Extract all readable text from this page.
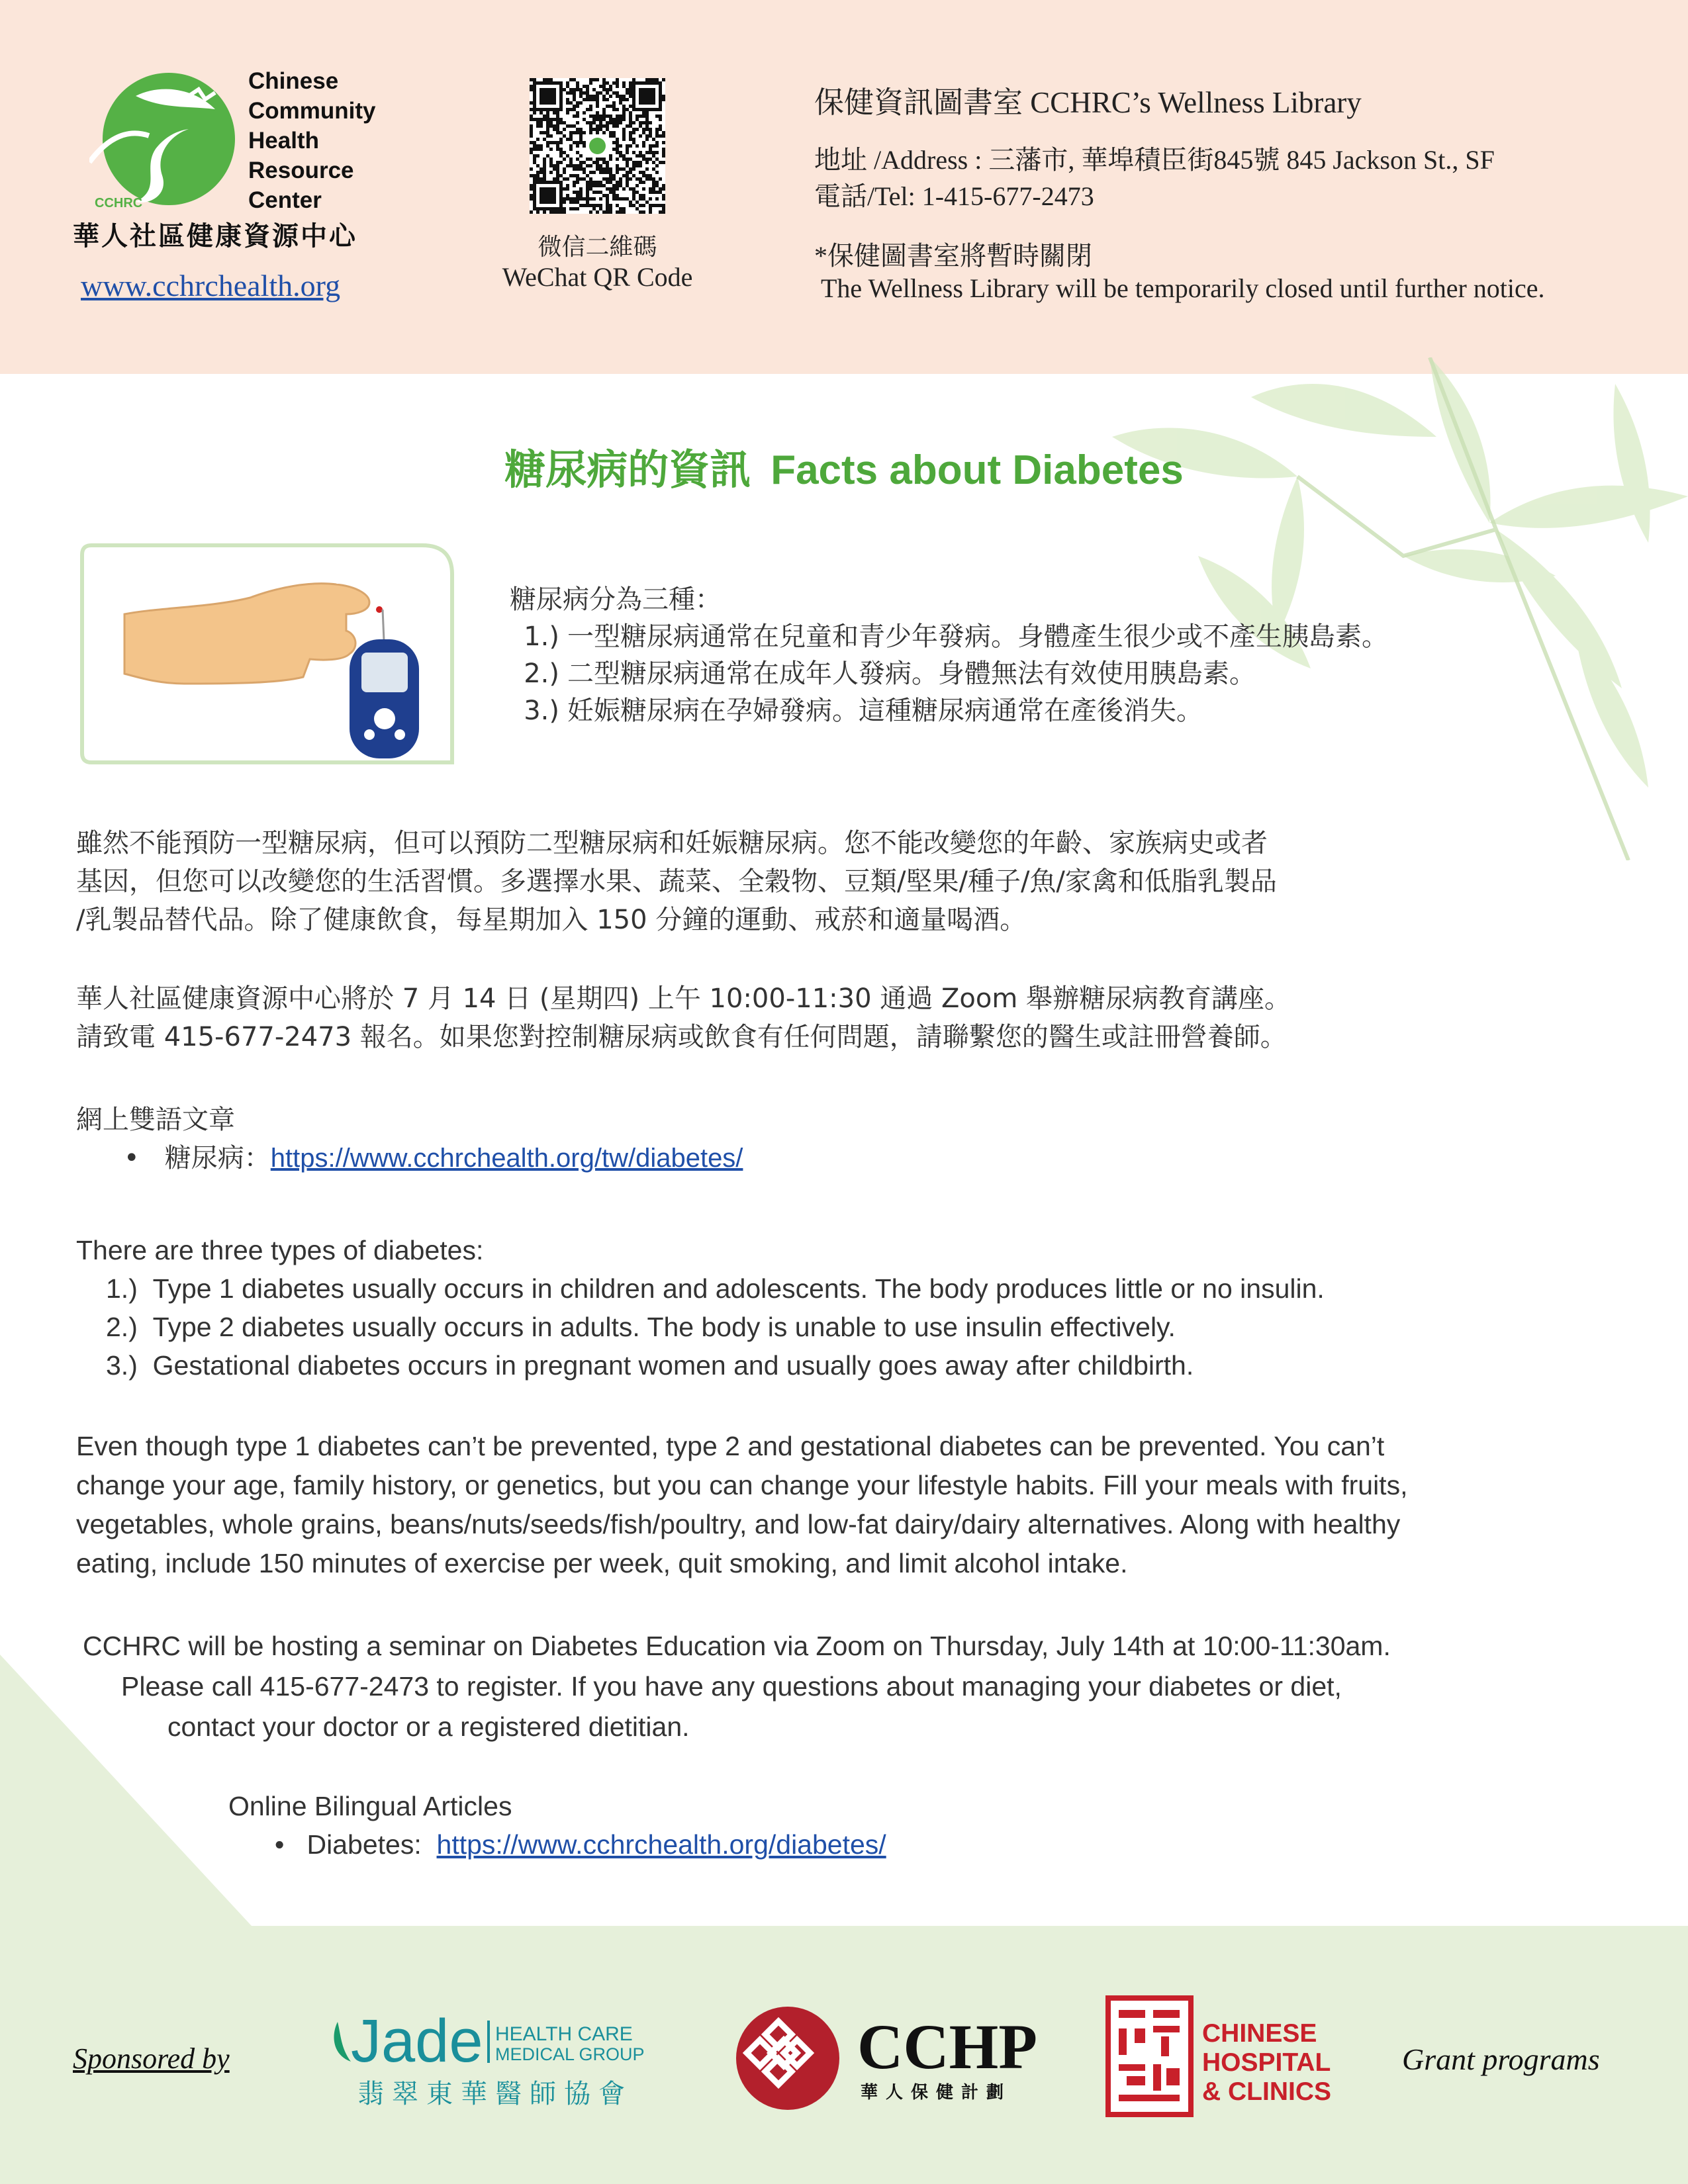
CCHRC
Chinese
Community
Health
Resource
Center
華人社區健康資源中心
www.cchrchealth.org
微信二維碼
WeChat QR Code
保健資訊圖書室 CCHRC’s Wellness Library
地址 /Address : 三藩市, 華埠積臣街845號 845 Jackson St., SF
電話/Tel: 1-415-677-2473
*保健圖書室將暫時關閉
The Wellness Library will be temporarily closed until further notice.
糖尿病的資訊 Facts about Diabetes
糖尿病分為三種：
1.) 一型糖尿病通常在兒童和青少年發病。身體產生很少或不產生胰島素。
2.) 二型糖尿病通常在成年人發病。身體無法有效使用胰島素。
3.) 妊娠糖尿病在孕婦發病。這種糖尿病通常在產後消失。
雖然不能預防一型糖尿病，但可以預防二型糖尿病和妊娠糖尿病。您不能改變您的年齡、家族病史或者
基因，但您可以改變您的生活習慣。多選擇水果、蔬菜、全穀物、豆類/堅果/種子/魚/家禽和低脂乳製品
/乳製品替代品。除了健康飲食，每星期加入 150 分鐘的運動、戒菸和適量喝酒。
華人社區健康資源中心將於 7 月 14 日 (星期四) 上午 10:00-11:30 通過 Zoom 舉辦糖尿病教育講座。
請致電 415-677-2473 報名。如果您對控制糖尿病或飲食有任何問題，請聯繫您的醫生或註冊營養師。
網上雙語文章
•   糖尿病：https://www.cchrchealth.org/tw/diabetes/
There are three types of diabetes:
1.) Type 1 diabetes usually occurs in children and adolescents. The body produces little or no insulin.
2.) Type 2 diabetes usually occurs in adults. The body is unable to use insulin effectively.
3.) Gestational diabetes occurs in pregnant women and usually goes away after childbirth.
Even though type 1 diabetes can’t be prevented, type 2 and gestational diabetes can be prevented. You can’t
change your age, family history, or genetics, but you can change your lifestyle habits. Fill your meals with fruits,
vegetables, whole grains, beans/nuts/seeds/fish/poultry, and low-fat dairy/dairy alternatives. Along with healthy
eating, include 150 minutes of exercise per week, quit smoking, and limit alcohol intake.
CCHRC will be hosting a seminar on Diabetes Education via Zoom on Thursday, July 14th at 10:00-11:30am.
Please call 415-677-2473 to register. If you have any questions about managing your diabetes or diet,
contact your doctor or a registered dietitian.
Online Bilingual Articles
•   Diabetes: https://www.cchrchealth.org/diabetes/
Sponsored by Jade HEALTH CARE
MEDICAL GROUP
翡翠東華醫師協會
CCHP
華人保健計劃
CHINESE
HOSPITAL
& CLINICS
Grant programs
